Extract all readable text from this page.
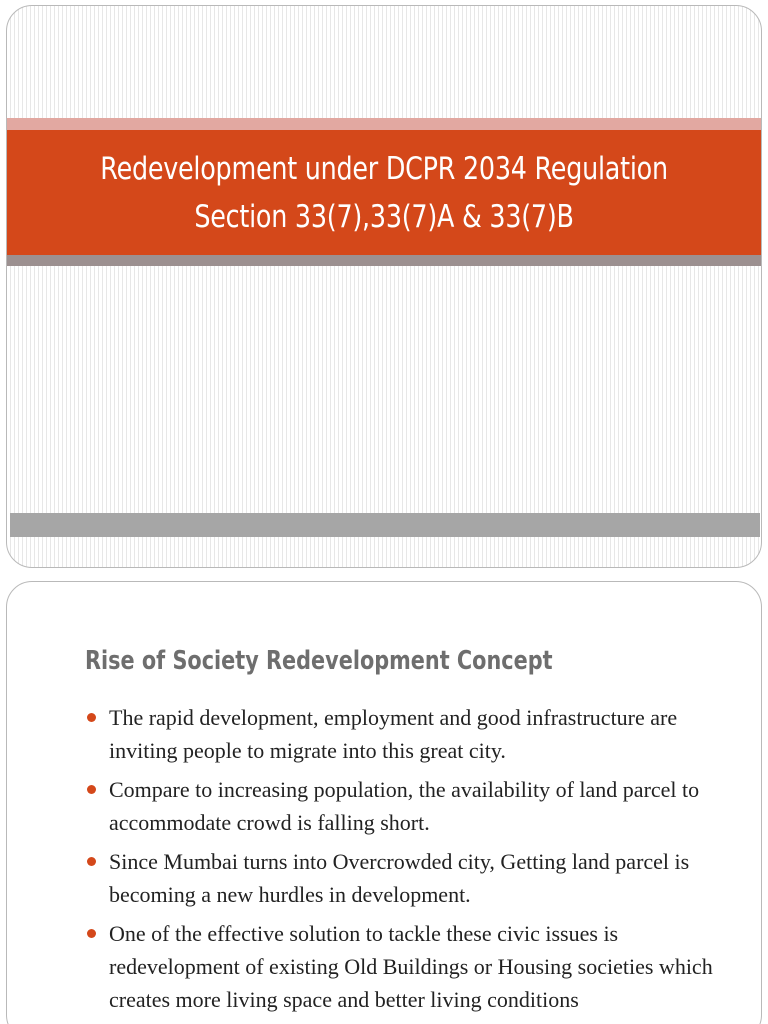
Redevelopment under DCPR 2034 Regulation
Section 33(7),33(7)A & 33(7)B
Rise of Society Redevelopment Concept
The rapid development, employment and good infrastructure are inviting people to migrate into this great city.
Compare to increasing population, the availability of land parcel to accommodate crowd is falling short.
Since Mumbai turns into Overcrowded city, Getting land parcel is becoming a new hurdles in development.
One of the effective solution to tackle these civic issues is redevelopment of existing Old Buildings or Housing societies which creates more living space and better living conditions
